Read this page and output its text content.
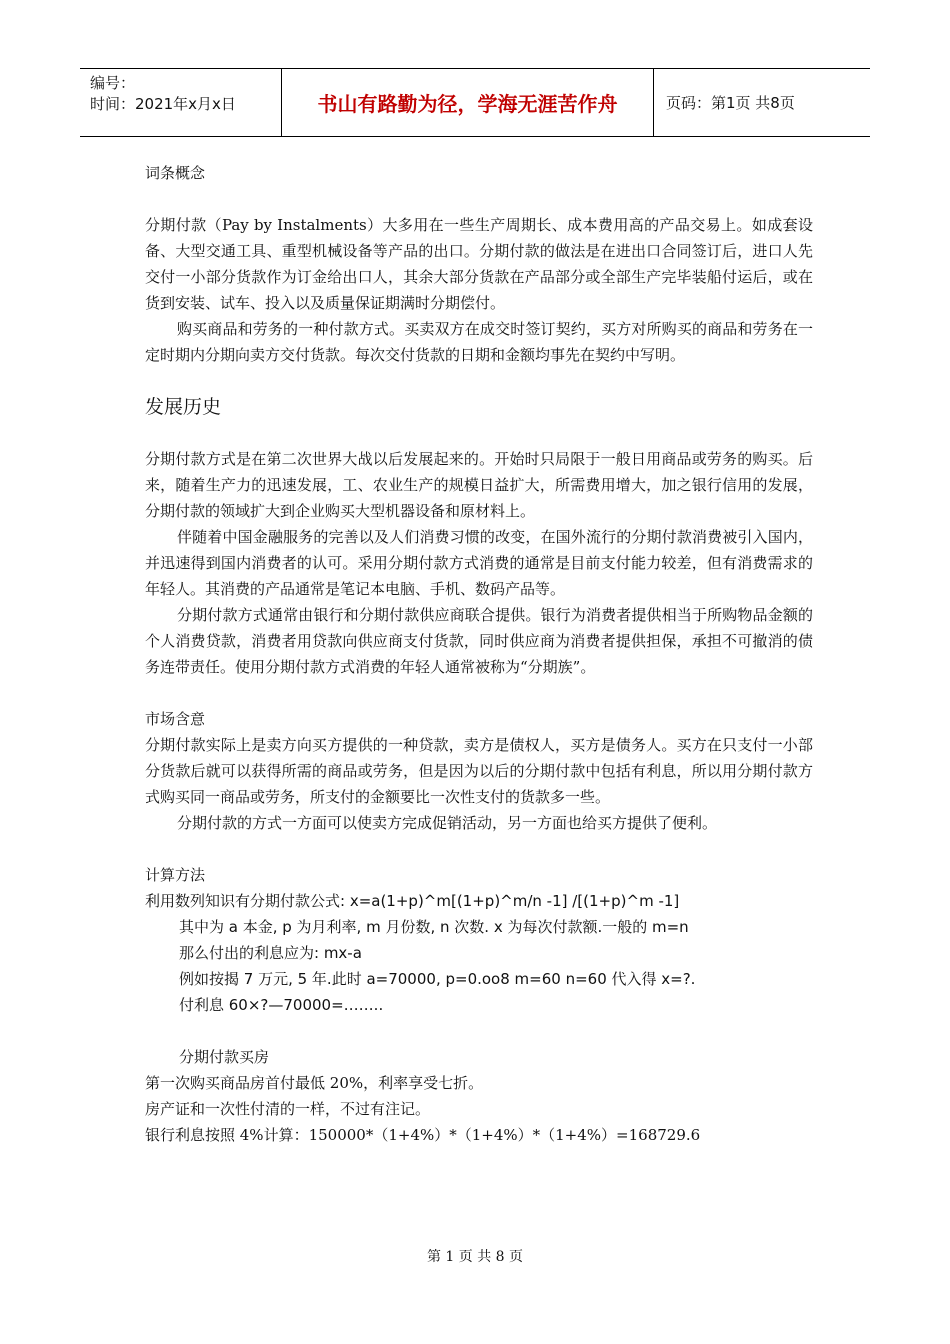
编号：
时间：2021年x月x日	书山有路勤为径，学海无涯苦作舟	页码：第1页 共8页

词条概念

分期付款（Pay by Instalments）大多用在一些生产周期长、成本费用高的产品交易上。如成套设备、大型交通工具、重型机械设备等产品的出口。分期付款的做法是在进出口合同签订后，进口人先交付一小部分货款作为订金给出口人，其余大部分货款在产品部分或全部生产完毕装船付运后，或在货到安装、试车、投入以及质量保证期满时分期偿付。

购买商品和劳务的一种付款方式。买卖双方在成交时签订契约，买方对所购买的商品和劳务在一定时期内分期向卖方交付货款。每次交付货款的日期和金额均事先在契约中写明。

发展历史

分期付款方式是在第二次世界大战以后发展起来的。开始时只局限于一般日用商品或劳务的购买。后来，随着生产力的迅速发展，工、农业生产的规模日益扩大，所需费用增大，加之银行信用的发展，分期付款的领域扩大到企业购买大型机器设备和原材料上。

伴随着中国金融服务的完善以及人们消费习惯的改变，在国外流行的分期付款消费被引入国内，并迅速得到国内消费者的认可。采用分期付款方式消费的通常是目前支付能力较差，但有消费需求的年轻人。其消费的产品通常是笔记本电脑、手机、数码产品等。

分期付款方式通常由银行和分期付款供应商联合提供。银行为消费者提供相当于所购物品金额的个人消费贷款，消费者用贷款向供应商支付货款，同时供应商为消费者提供担保，承担不可撤消的债务连带责任。使用分期付款方式消费的年轻人通常被称为“分期族”。

市场含意

分期付款实际上是卖方向买方提供的一种贷款，卖方是债权人，买方是债务人。买方在只支付一小部分货款后就可以获得所需的商品或劳务，但是因为以后的分期付款中包括有利息，所以用分期付款方式购买同一商品或劳务，所支付的金额要比一次性支付的货款多一些。

分期付款的方式一方面可以使卖方完成促销活动，另一方面也给买方提供了便利。

计算方法

利用数列知识有分期付款公式: x=a(1+p)^m[(1+p)^m/n -1] /[(1+p)^m -1]

其中为 a 本金, p 为月利率, m 月份数, n 次数. x 为每次付款额.一般的 m=n

那么付出的利息应为: mx-a

例如按揭 7 万元, 5 年.此时 a=70000, p=0.oo8 m=60 n=60 代入得 x=?.

付利息 60×?—70000=……..

分期付款买房

第一次购买商品房首付最低 20%，利率享受七折。

房产证和一次性付清的一样，不过有注记。

银行利息按照 4%计算：150000*（1+4%）*（1+4%）*（1+4%）=168729.6

第 1 页 共 8 页
